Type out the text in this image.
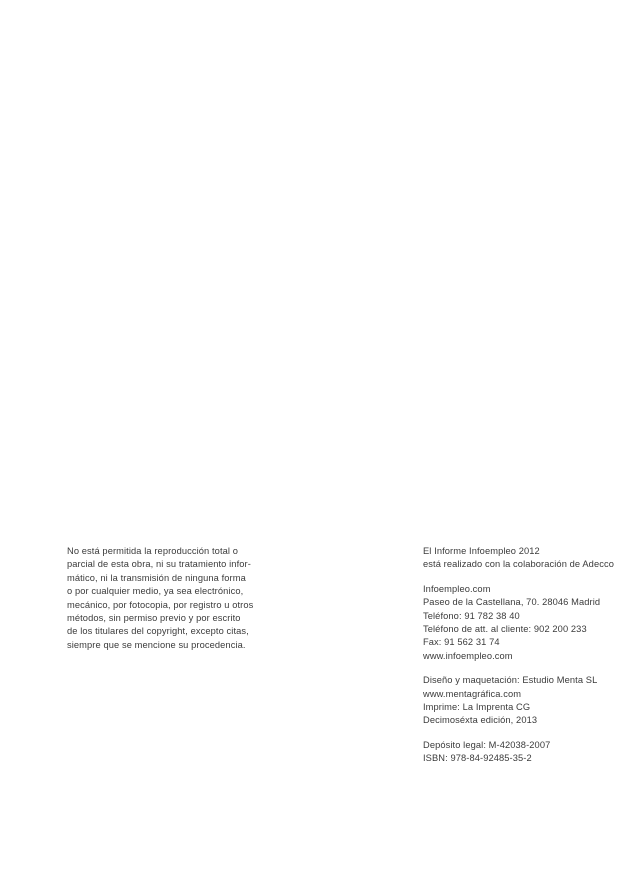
No está permitida la reproducción total o
parcial de esta obra, ni su tratamiento infor-
mático, ni la transmisión de ninguna forma
o por cualquier medio, ya sea electrónico,
mecánico, por fotocopia, por registro u otros
métodos, sin permiso previo y por escrito
de los titulares del copyright, excepto citas,
siempre que se mencione su procedencia.
El Informe Infoempleo 2012
está realizado con la colaboración de Adecco
Infoempleo.com
Paseo de la Castellana, 70. 28046 Madrid
Teléfono: 91 782 38 40
Teléfono de att. al cliente: 902 200 233
Fax: 91 562 31 74
www.infoempleo.com
Diseño y maquetación: Estudio Menta SL
www.mentagráfica.com
Imprime: La Imprenta CG
Decimoséxta edición, 2013
Depósito legal: M-42038-2007
ISBN: 978-84-92485-35-2
